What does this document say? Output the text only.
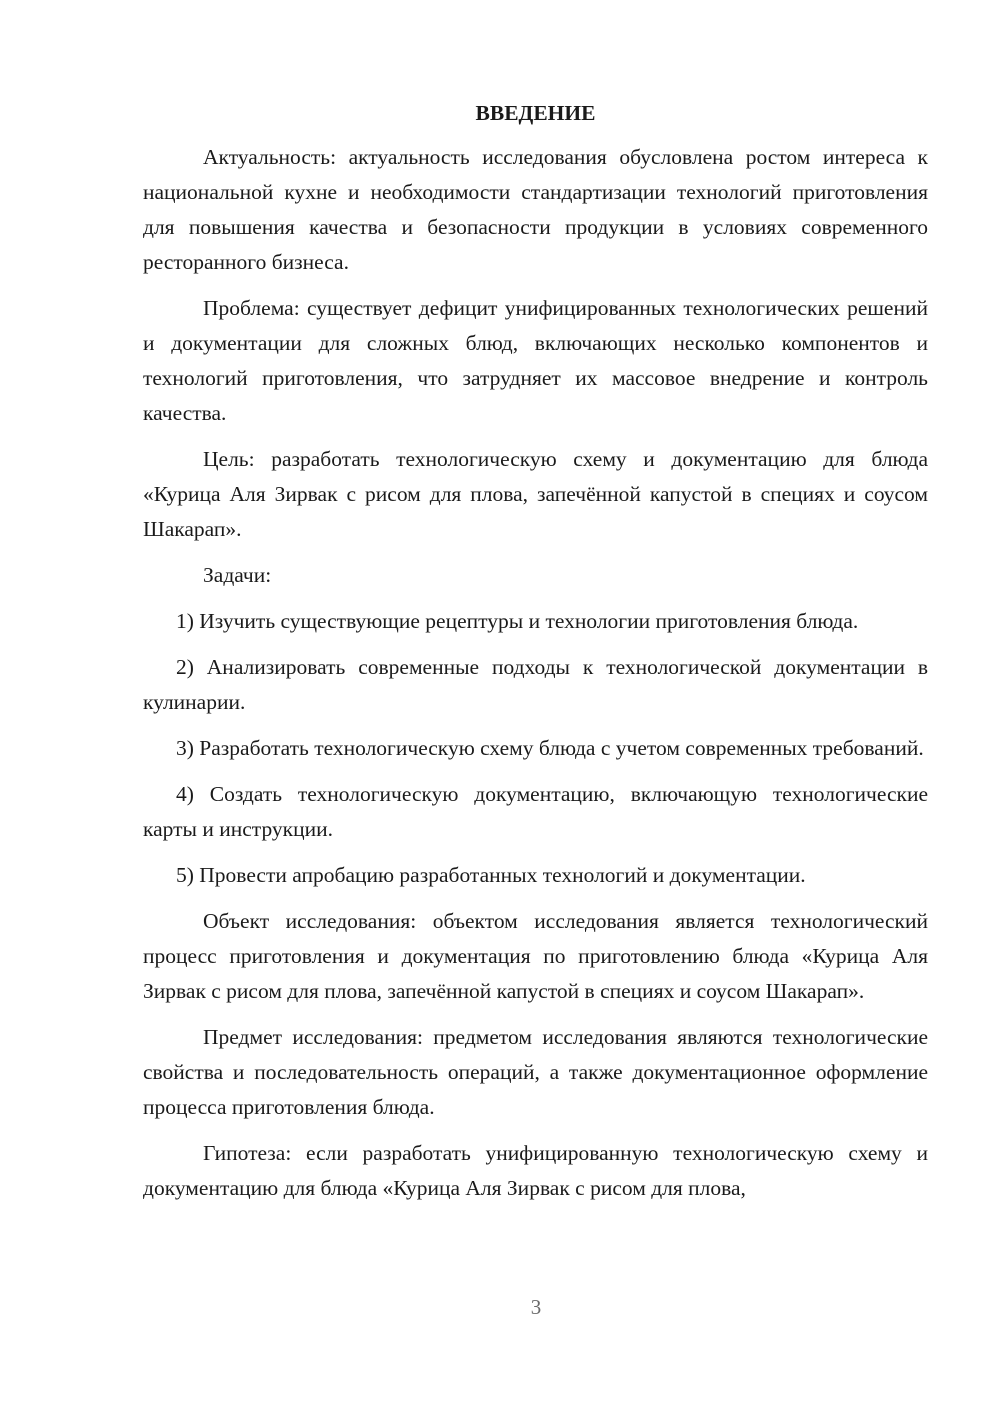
ВВЕДЕНИЕ

Актуальность: актуальность исследования обусловлена ростом интереса к национальной кухне и необходимости стандартизации технологий приготовления для повышения качества и безопасности продукции в условиях современного ресторанного бизнеса.

Проблема: существует дефицит унифицированных технологических решений и документации для сложных блюд, включающих несколько компонентов и технологий приготовления, что затрудняет их массовое внедрение и контроль качества.

Цель: разработать технологическую схему и документацию для блюда «Курица Аля Зирвак с рисом для плова, запечённой капустой в специях и соусом Шакарап».

Задачи:

1) Изучить существующие рецептуры и технологии приготовления блюда.

2) Анализировать современные подходы к технологической документации в кулинарии.

3) Разработать технологическую схему блюда с учетом современных требований.

4) Создать технологическую документацию, включающую технологические карты и инструкции.

5) Провести апробацию разработанных технологий и документации.

Объект исследования: объектом исследования является технологический процесс приготовления и документация по приготовлению блюда «Курица Аля Зирвак с рисом для плова, запечённой капустой в специях и соусом Шакарап».

Предмет исследования: предметом исследования являются технологические свойства и последовательность операций, а также документационное оформление процесса приготовления блюда.

Гипотеза: если разработать унифицированную технологическую схему и документацию для блюда «Курица Аля Зирвак с рисом для плова,

3
